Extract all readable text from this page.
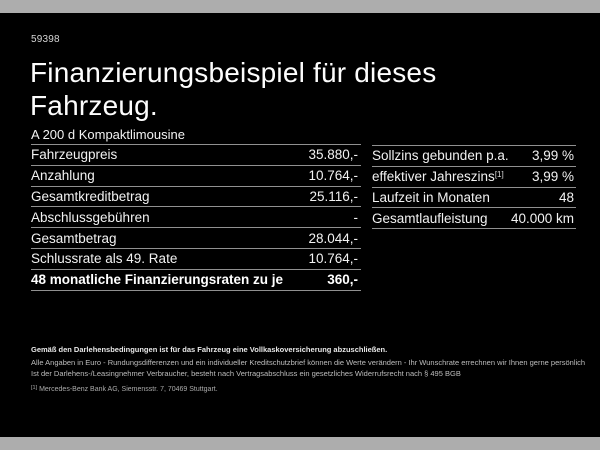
59398
Finanzierungsbeispiel für dieses
Fahrzeug.
A 200 d Kompaktlimousine
Fahrzeugpreis	35.880,-
Anzahlung	10.764,-
Gesamtkreditbetrag	25.116,-
Abschlussgebühren	-
Gesamtbetrag	28.044,-
Schlussrate als 49. Rate	10.764,-
48 monatliche Finanzierungsraten zu je	360,-
Sollzins gebunden p.a. 3,99 %
effektiver Jahreszins[1] 3,99 %
Laufzeit in Monaten	48
Gesamtlaufleistung 40.000 km
Gemäß den Darlehensbedingungen ist für das Fahrzeug eine Vollkaskoversicherung abzuschließen.
Alle Angaben in Euro - Rundungsdifferenzen und ein individueller Kreditschutzbrief können die Werte verändern - Ihr Wunschrate errechnen wir Ihnen gerne persönlich
Ist der Darlehens-/Leasingnehmer Verbraucher, besteht nach Vertragsabschluss ein gesetzliches Widerrufsrecht nach § 495 BGB
[1] Mercedes-Benz Bank AG, Siemensstr. 7, 70469 Stuttgart.
